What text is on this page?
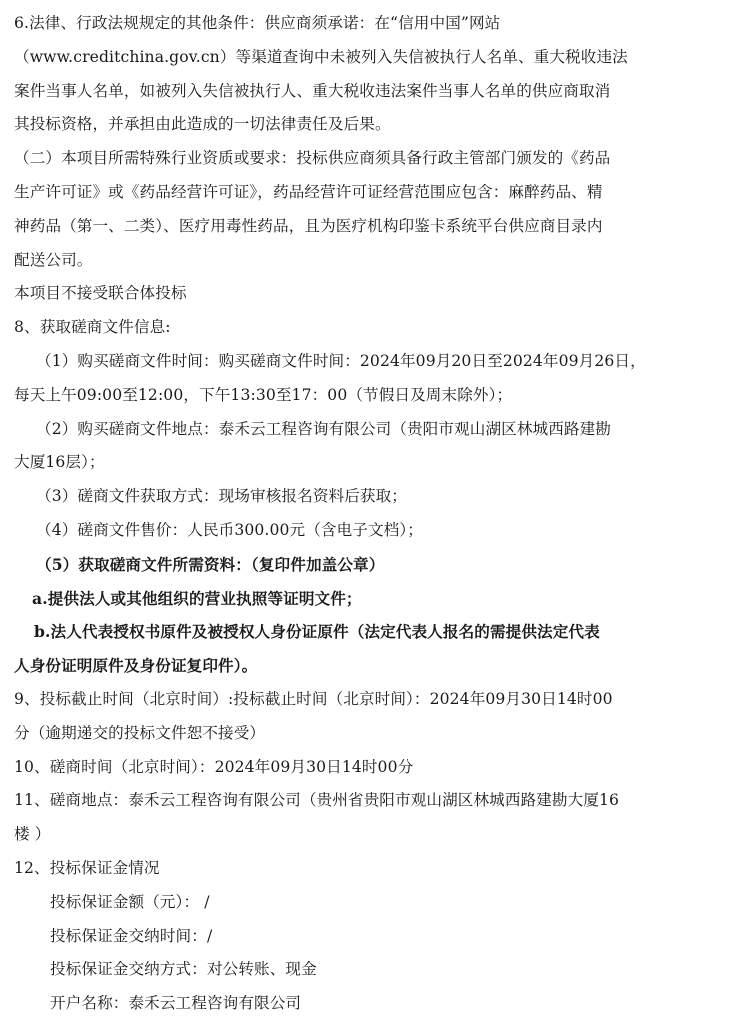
6.法律、行政法规规定的其他条件：供应商须承诺：在“信用中国”网站
（www.creditchina.gov.cn）等渠道查询中未被列入失信被执行人名单、重大税收违法
案件当事人名单，如被列入失信被执行人、重大税收违法案件当事人名单的供应商取消
其投标资格，并承担由此造成的一切法律责任及后果。
（二）本项目所需特殊行业资质或要求：投标供应商须具备行政主管部门颁发的《药品
生产许可证》或《药品经营许可证》，药品经营许可证经营范围应包含：麻醉药品、精
神药品（第一、二类）、医疗用毒性药品，且为医疗机构印鉴卡系统平台供应商目录内
配送公司。
本项目不接受联合体投标
8、获取磋商文件信息:
（1）购买磋商文件时间：购买磋商文件时间：2024年09月20日至2024年09月26日，
每天上午09:00至12:00，下午13:30至17：00（节假日及周末除外）；
（2）购买磋商文件地点：泰禾云工程咨询有限公司（贵阳市观山湖区林城西路建勘
大厦16层）；
（3）磋商文件获取方式：现场审核报名资料后获取；
（4）磋商文件售价：人民币300.00元（含电子文档）；
（5）获取磋商文件所需资料：（复印件加盖公章）
a.提供法人或其他组织的营业执照等证明文件；
b.法人代表授权书原件及被授权人身份证原件（法定代表人报名的需提供法定代表
人身份证明原件及身份证复印件）。
9、投标截止时间（北京时间）:投标截止时间（北京时间）：2024年09月30日14时00
分（逾期递交的投标文件恕不接受）
10、磋商时间（北京时间）：2024年09月30日14时00分
11、磋商地点：泰禾云工程咨询有限公司（贵州省贵阳市观山湖区林城西路建勘大厦16
楼 ）
12、投标保证金情况
投标保证金额（元）： /
投标保证金交纳时间：/
投标保证金交纳方式：对公转账、现金
开户名称：泰禾云工程咨询有限公司
